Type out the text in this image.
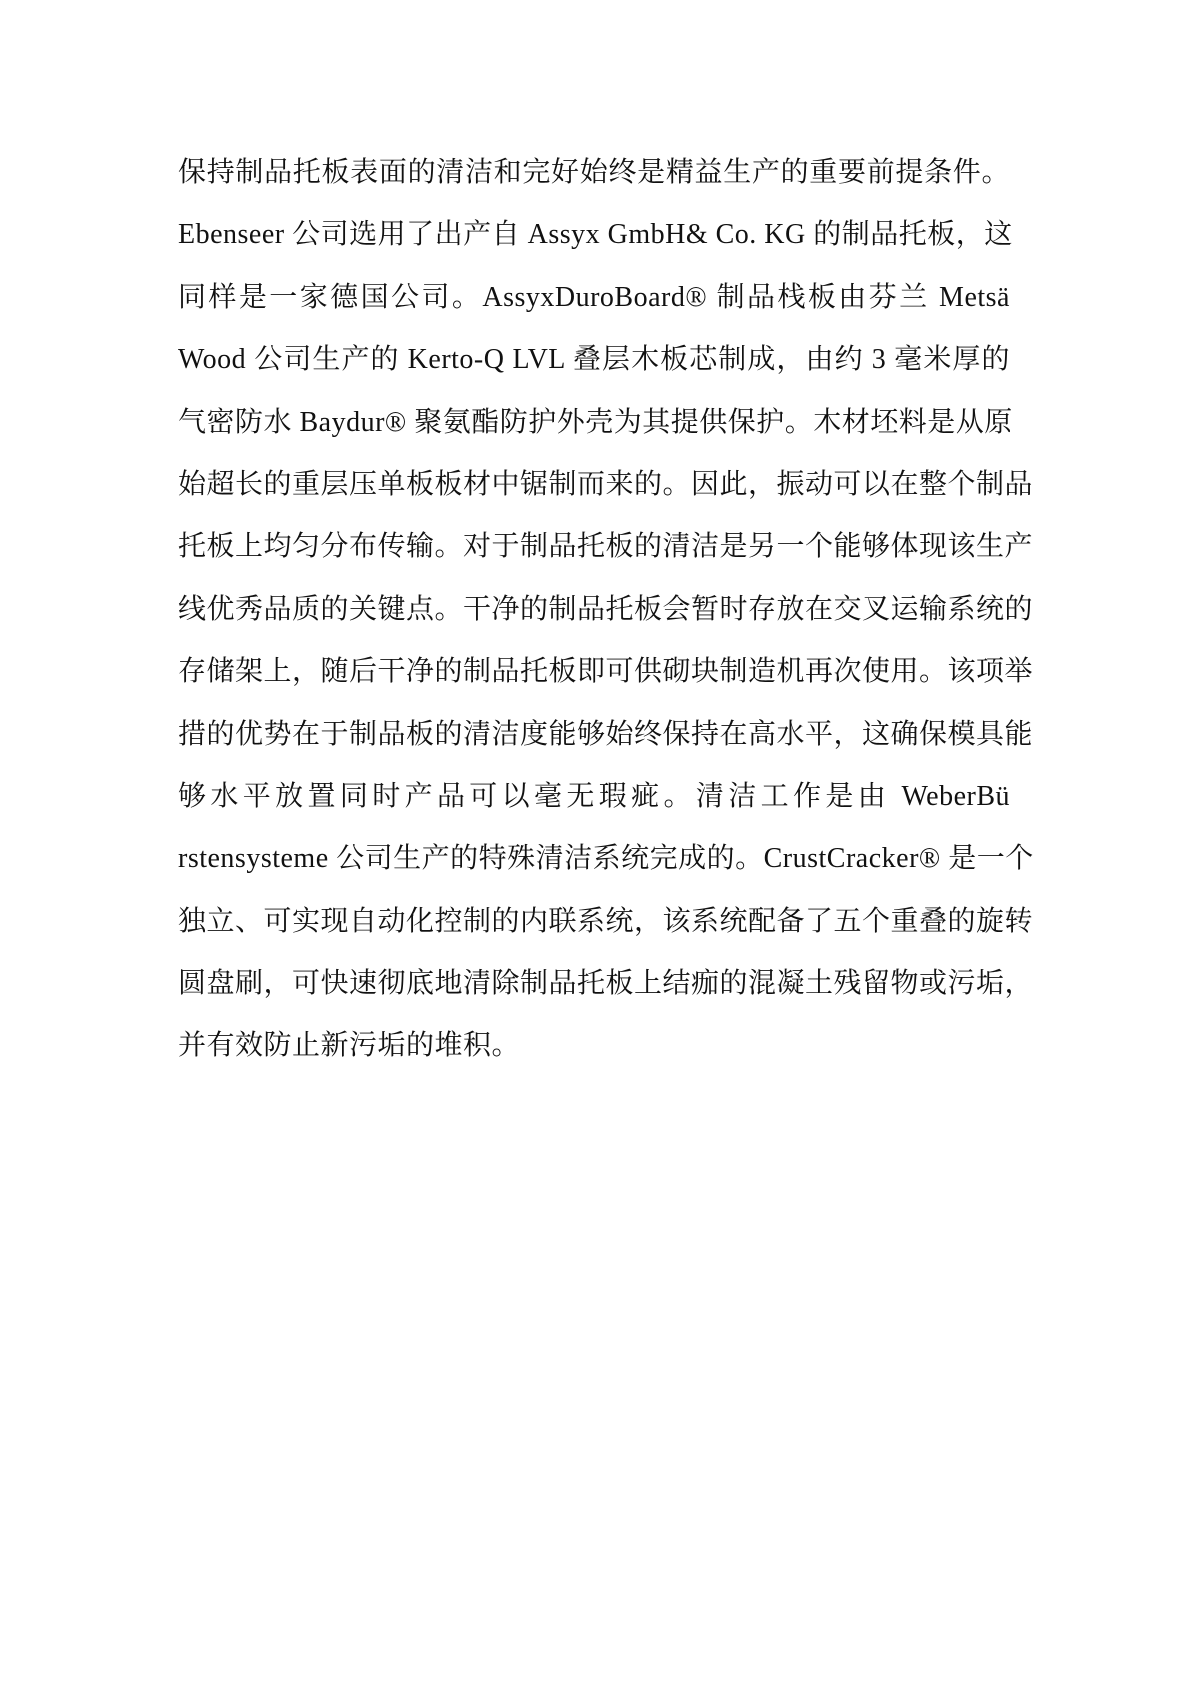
保持制品托板表面的清洁和完好始终是精益生产的重要前提条件。
Ebenseer 公司选用了出产自 Assyx GmbH& Co. KG 的制品托板，这
同样是一家德国公司。AssyxDuroBoard® 制品栈板由芬兰 Metsä
Wood 公司生产的 Kerto-Q LVL 叠层木板芯制成，由约 3 毫米厚的
气密防水 Baydur® 聚氨酯防护外壳为其提供保护。木材坯料是从原
始超长的重层压单板板材中锯制而来的。因此，振动可以在整个制品
托板上均匀分布传输。对于制品托板的清洁是另一个能够体现该生产
线优秀品质的关键点。干净的制品托板会暂时存放在交叉运输系统的
存储架上，随后干净的制品托板即可供砌块制造机再次使用。该项举
措的优势在于制品板的清洁度能够始终保持在高水平，这确保模具能
够水平放置同时产品可以毫无瑕疵。清洁工作是由 WeberBü
rstensysteme 公司生产的特殊清洁系统完成的。CrustCracker® 是一个
独立、可实现自动化控制的内联系统，该系统配备了五个重叠的旋转
圆盘刷，可快速彻底地清除制品托板上结痂的混凝土残留物或污垢，
并有效防止新污垢的堆积。
